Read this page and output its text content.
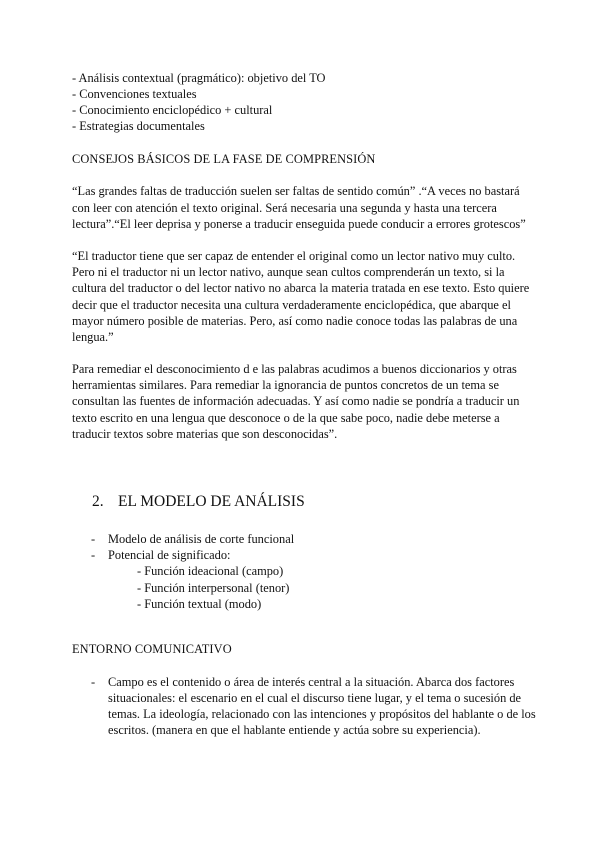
- Análisis contextual (pragmático): objetivo del TO
- Convenciones textuales
- Conocimiento enciclopédico + cultural
- Estrategias documentales
CONSEJOS BÁSICOS DE LA FASE DE COMPRENSIÓN
“Las grandes faltas de traducción suelen ser faltas de sentido común” .“A veces no bastará
con leer con atención el texto original. Será necesaria una segunda y hasta una tercera
lectura”.“El leer deprisa y ponerse a traducir enseguida puede conducir a errores grotescos”
“El traductor tiene que ser capaz de entender el original como un lector nativo muy culto.
Pero ni el traductor ni un lector nativo, aunque sean cultos comprenderán un texto, si la
cultura del traductor o del lector nativo no abarca la materia tratada en ese texto. Esto quiere
decir que el traductor necesita una cultura verdaderamente enciclopédica, que abarque el
mayor número posible de materias. Pero, así como nadie conoce todas las palabras de una
lengua.”
Para remediar el desconocimiento d e las palabras acudimos a buenos diccionarios y otras
herramientas similares. Para remediar la ignorancia de puntos concretos de un tema se
consultan las fuentes de información adecuadas. Y así como nadie se pondría a traducir un
texto escrito en una lengua que desconoce o de la que sabe poco, nadie debe meterse a
traducir textos sobre materias que son desconocidas”.
2. EL MODELO DE ANÁLISIS
- Modelo de análisis de corte funcional
- Potencial de significado:
- Función ideacional (campo)
- Función interpersonal (tenor)
- Función textual (modo)
ENTORNO COMUNICATIVO
- Campo es el contenido o área de interés central a la situación. Abarca dos factores
situacionales: el escenario en el cual el discurso tiene lugar, y el tema o sucesión de
temas. La ideología, relacionado con las intenciones y propósitos del hablante o de los
escritos. (manera en que el hablante entiende y actúa sobre su experiencia).
